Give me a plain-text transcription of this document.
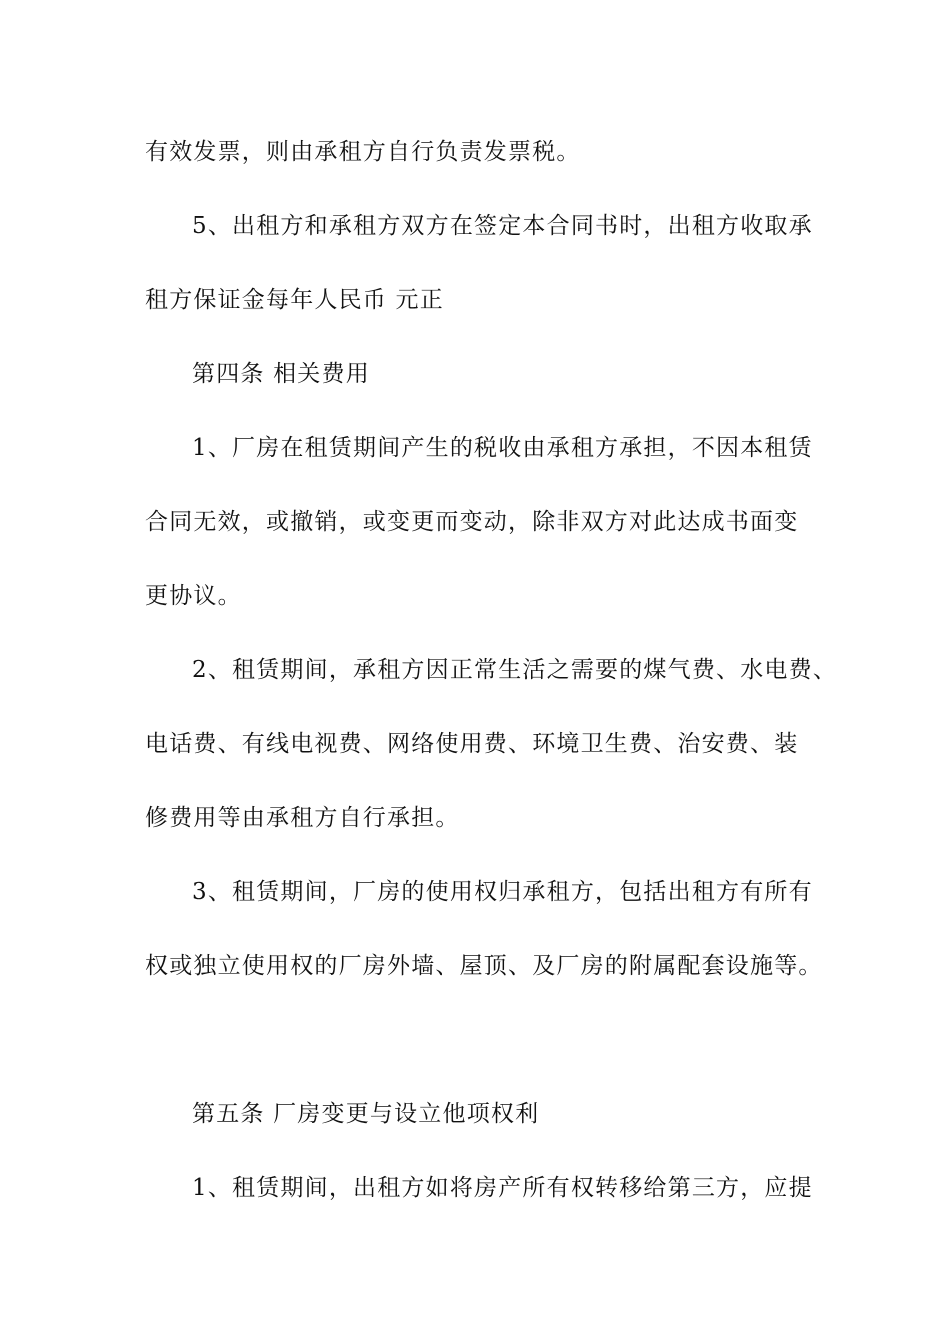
有效发票，则由承租方自行负责发票税。
5、出租方和承租方双方在签定本合同书时，出租方收取承
租方保证金每年人民币 元正
第四条 相关费用
1、厂房在租赁期间产生的税收由承租方承担，不因本租赁
合同无效，或撤销，或变更而变动，除非双方对此达成书面变
更协议。
2、租赁期间，承租方因正常生活之需要的煤气费、水电费、
电话费、有线电视费、网络使用费、环境卫生费、治安费、装
修费用等由承租方自行承担。
3、租赁期间，厂房的使用权归承租方，包括出租方有所有
权或独立使用权的厂房外墙、屋顶、及厂房的附属配套设施等。
第五条 厂房变更与设立他项权利
1、租赁期间，出租方如将房产所有权转移给第三方，应提
